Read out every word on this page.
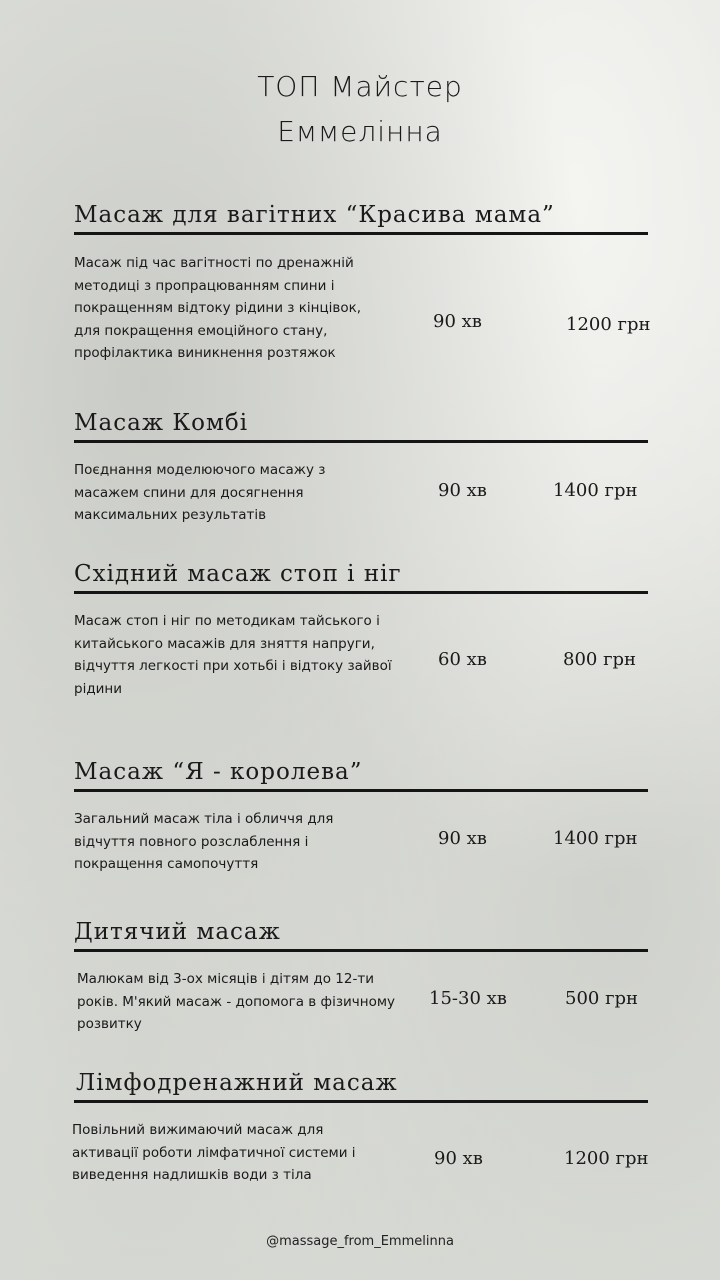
ТОП Майстер
Еммелінна
Масаж для вагітних “Красива мама”
Масаж під час вагітності по дренажній методиці з пропрацюванням спини і покращенням відтоку рідини з кінцівок, для покращення емоційного стану, профілактика виникнення розтяжок
90 хв	1200 грн
Масаж Комбі
Поєднання моделюючого масажу з масажем спини для досягнення максимальних результатів
90 хв	1400 грн
Східний масаж стоп і ніг
Масаж стоп і ніг по методикам тайського і китайського масажів для зняття напруги, відчуття легкості при хотьбі і відтоку зайвої рідини
60 хв	800 грн
Масаж “Я - королева”
Загальний масаж тіла і обличчя для відчуття повного розслаблення і покращення самопочуття
90 хв	1400 грн
Дитячий масаж
Малюкам від 3-ох місяців і дітям до 12-ти років. М'який масаж - допомога в фізичному розвитку
15-30 хв	500 грн
Лімфодренажний масаж
Повільний вижимаючий масаж для активації роботи лімфатичної системи і виведення надлишків води з тіла
90 хв	1200 грн
@massage_from_Emmelinna
